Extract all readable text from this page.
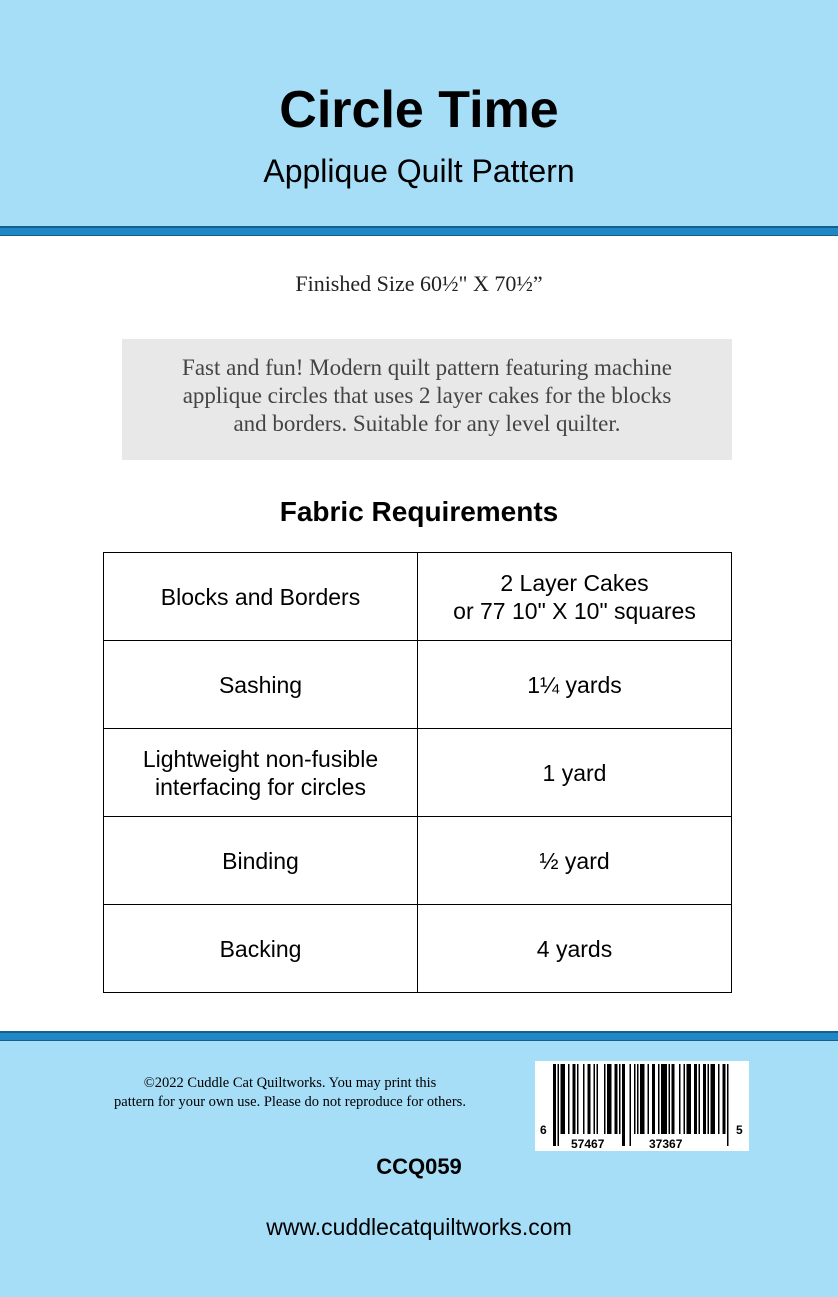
Circle Time
Applique Quilt Pattern
Finished Size 60½" X 70½”
Fast and fun! Modern quilt pattern featuring machine
applique circles that uses 2 layer cakes for the blocks
and borders. Suitable for any level quilter.
Fabric Requirements
Blocks and Borders	2 Layer Cakes
or 77 10" X 10" squares
Sashing	1¼ yards
Lightweight non-fusible
interfacing for circles	1 yard
Binding	½ yard
Backing	4 yards
©2022 Cuddle Cat Quiltworks. You may print this
pattern for your own use. Please do not reproduce for others.
6
57467	37367
5
CCQ059
www.cuddlecatquiltworks.com
